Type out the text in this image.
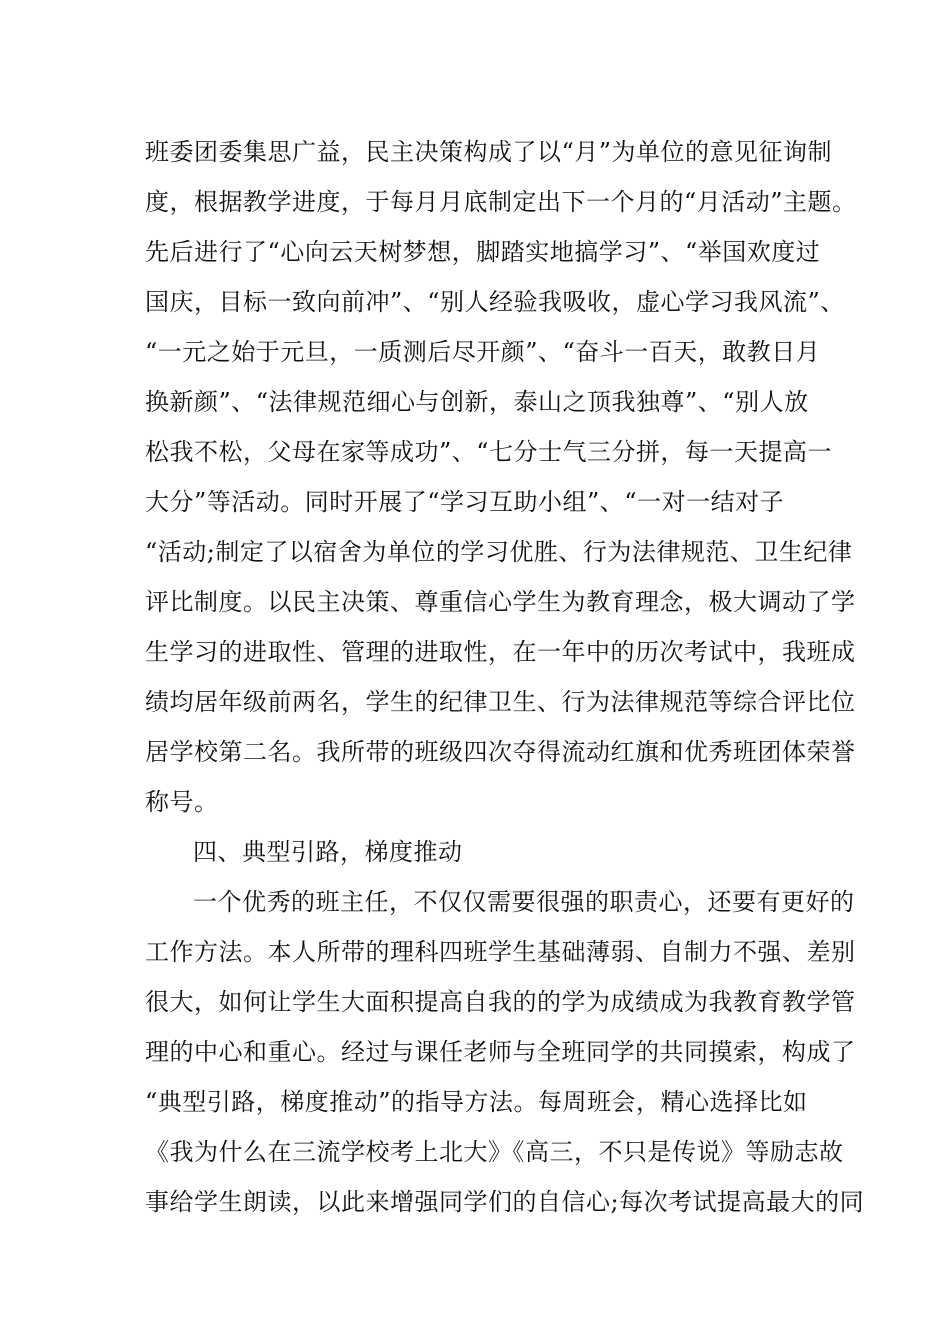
班委团委集思广益，民主决策构成了以“月”为单位的意见征询制

度，根据教学进度，于每月月底制定出下一个月的“月活动”主题。

先后进行了“心向云天树梦想，脚踏实地搞学习”、“举国欢度过

国庆，目标一致向前冲”、“别人经验我吸收，虚心学习我风流”、

“一元之始于元旦，一质测后尽开颜”、“奋斗一百天，敢教日月

换新颜”、“法律规范细心与创新，泰山之顶我独尊”、“别人放

松我不松，父母在家等成功”、“七分士气三分拼，每一天提高一

大分”等活动。同时开展了“学习互助小组”、“一对一结对子

“活动;制定了以宿舍为单位的学习优胜、行为法律规范、卫生纪律

评比制度。以民主决策、尊重信心学生为教育理念，极大调动了学

生学习的进取性、管理的进取性，在一年中的历次考试中，我班成

绩均居年级前两名，学生的纪律卫生、行为法律规范等综合评比位

居学校第二名。我所带的班级四次夺得流动红旗和优秀班团体荣誉

称号。

四、典型引路，梯度推动

一个优秀的班主任，不仅仅需要很强的职责心，还要有更好的

工作方法。本人所带的理科四班学生基础薄弱、自制力不强、差别

很大，如何让学生大面积提高自我的的学为成绩成为我教育教学管

理的中心和重心。经过与课任老师与全班同学的共同摸索，构成了

“典型引路，梯度推动”的指导方法。每周班会，精心选择比如

《我为什么在三流学校考上北大》《高三，不只是传说》等励志故

事给学生朗读，以此来增强同学们的自信心;每次考试提高最大的同
